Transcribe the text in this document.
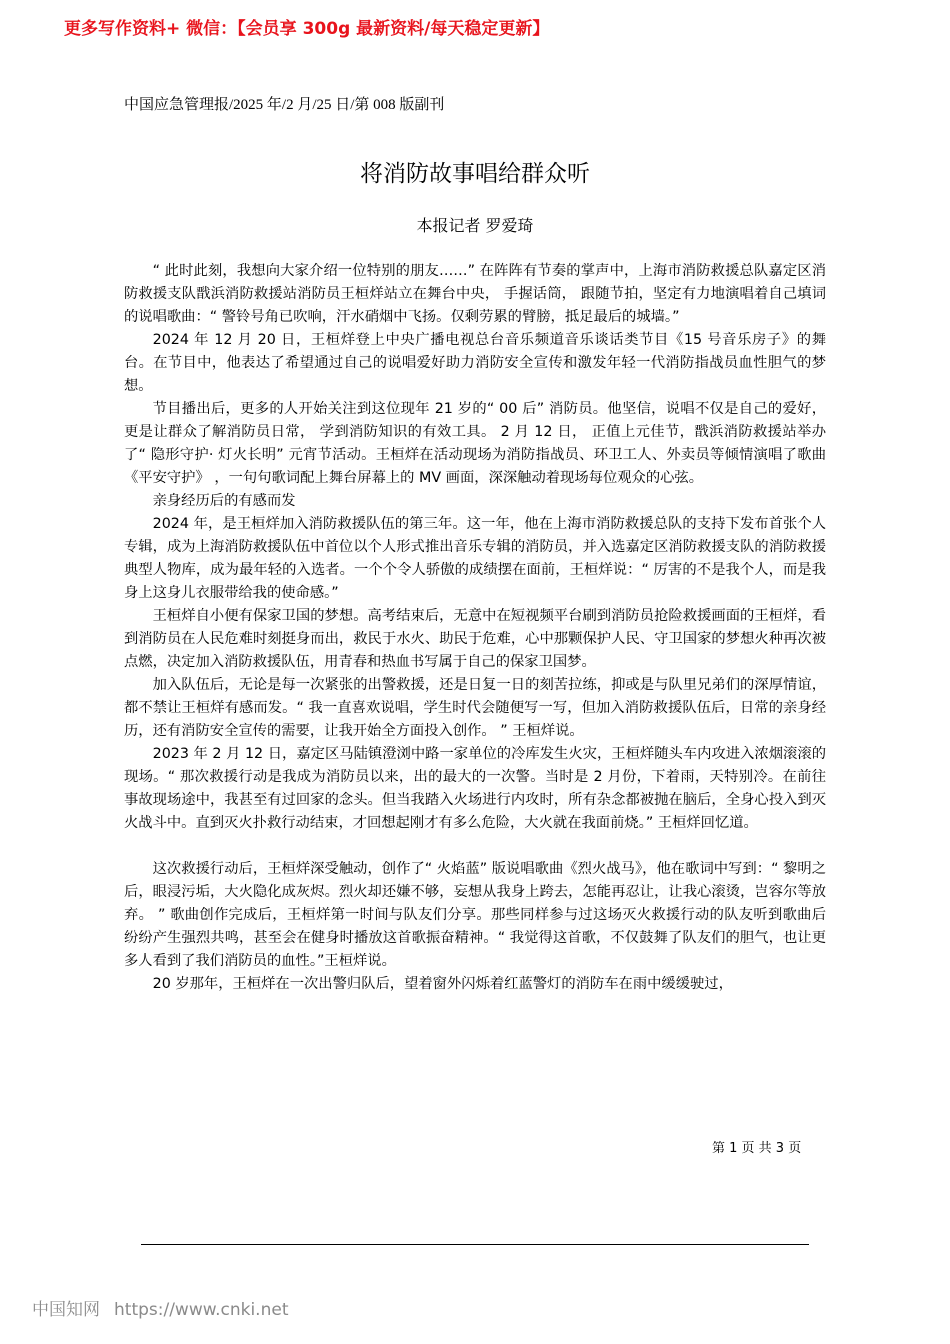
更多写作资料+ 微信：【会员享 300g 最新资料/每天稳定更新】
中国应急管理报/2025 年/2 月/25 日/第 008 版副刊
将消防故事唱给群众听
本报记者 罗爱琦

“ 此时此刻，我想向大家介绍一位特别的朋友……” 在阵阵有节奏的掌声中，上海市消防救援总队嘉定区消防救援支队戬浜消防救援站消防员王桓烊站立在舞台中央， 手握话筒， 跟随节拍，坚定有力地演唱着自己填词的说唱歌曲：“ 警铃号角已吹响，汗水硝烟中飞扬。仅剩劳累的臂膀，抵足最后的城墙。”

2024 年 12 月 20 日，王桓烊登上中央广播电视总台音乐频道音乐谈话类节目《15 号音乐房子》的舞台。在节目中，他表达了希望通过自己的说唱爱好助力消防安全宣传和激发年轻一代消防指战员血性胆气的梦想。

节目播出后，更多的人开始关注到这位现年 21 岁的“ 00 后” 消防员。他坚信，说唱不仅是自己的爱好， 更是让群众了解消防员日常， 学到消防知识的有效工具。 2 月 12 日， 正值上元佳节，戬浜消防救援站举办了“ 隐形守护· 灯火长明” 元宵节活动。王桓烊在活动现场为消防指战员、环卫工人、外卖员等倾情演唱了歌曲《平安守护》 ，一句句歌词配上舞台屏幕上的 MV 画面，深深触动着现场每位观众的心弦。

亲身经历后的有感而发

2024 年，是王桓烊加入消防救援队伍的第三年。这一年，他在上海市消防救援总队的支持下发布首张个人专辑，成为上海消防救援队伍中首位以个人形式推出音乐专辑的消防员，并入选嘉定区消防救援支队的消防救援典型人物库，成为最年轻的入选者。一个个令人骄傲的成绩摆在面前，王桓烊说：“ 厉害的不是我个人，而是我身上这身儿衣服带给我的使命感。”

王桓烊自小便有保家卫国的梦想。高考结束后，无意中在短视频平台刷到消防员抢险救援画面的王桓烊，看到消防员在人民危难时刻挺身而出，救民于水火、助民于危难，心中那颗保护人民、守卫国家的梦想火种再次被点燃，决定加入消防救援队伍，用青春和热血书写属于自己的保家卫国梦。

加入队伍后，无论是每一次紧张的出警救援，还是日复一日的刻苦拉练，抑或是与队里兄弟们的深厚情谊，都不禁让王桓烊有感而发。“ 我一直喜欢说唱，学生时代会随便写一写，但加入消防救援队伍后，日常的亲身经历，还有消防安全宣传的需要，让我开始全方面投入创作。 ” 王桓烊说。

2023 年 2 月 12 日，嘉定区马陆镇澄浏中路一家单位的冷库发生火灾，王桓烊随头车内攻进入浓烟滚滚的现场。“ 那次救援行动是我成为消防员以来，出的最大的一次警。当时是 2 月份，下着雨，天特别冷。在前往事故现场途中，我甚至有过回家的念头。但当我踏入火场进行内攻时，所有杂念都被抛在脑后，全身心投入到灭火战斗中。直到灭火扑救行动结束，才回想起刚才有多么危险，大火就在我面前烧。” 王桓烊回忆道。

这次救援行动后，王桓烊深受触动，创作了“ 火焰蓝” 版说唱歌曲《烈火战马》，他在歌词中写到：“ 黎明之后，眼浸污垢，大火隐化成灰烬。烈火却还嫌不够，妄想从我身上跨去，怎能再忍让，让我心滚烫，岂容尔等放弃。 ” 歌曲创作完成后，王桓烊第一时间与队友们分享。那些同样参与过这场灭火救援行动的队友听到歌曲后纷纷产生强烈共鸣，甚至会在健身时播放这首歌振奋精神。“ 我觉得这首歌，不仅鼓舞了队友们的胆气，也让更多人看到了我们消防员的血性。”王桓烊说。

20 岁那年，王桓烊在一次出警归队后，望着窗外闪烁着红蓝警灯的消防车在雨中缓缓驶过，

第 1 页 共 3 页
中国知网 https://www.cnki.net
